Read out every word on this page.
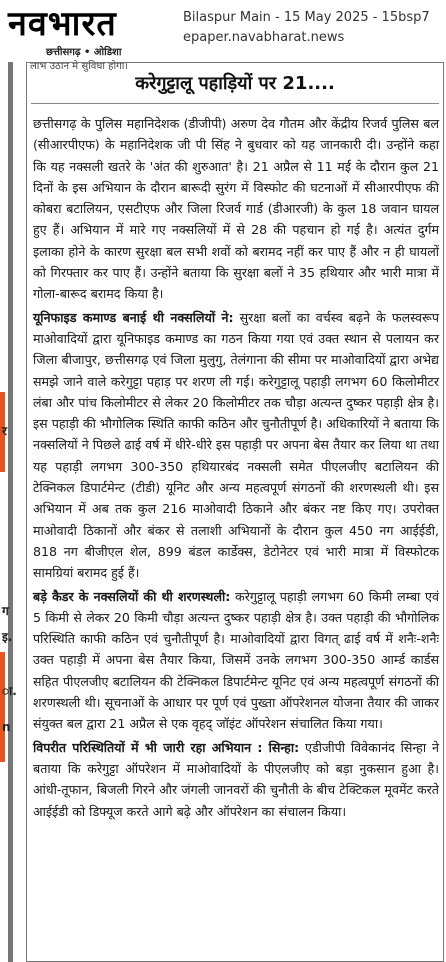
नवभारत
छत्तीसगढ़ • ओडिशा
Bilaspur Main - 15 May 2025 - 15bsp7
epaper.navabharat.news
र
ग
इ.
ा.
n
लाभ उठान मे सुविधा होगा।
करेगुट्टालू पहाड़ियों पर 21....

छत्तीसगढ़ के पुलिस महानिदेशक (डीजीपी) अरुण देव गौतम और केंद्रीय रिजर्व पुलिस बल (सीआरपीएफ) के महानिदेशक जी पी सिंह ने बुधवार को यह जानकारी दी। उन्होंने कहा कि यह नक्सली खतरे के 'अंत की शुरुआत' है। 21 अप्रैल से 11 मई के दौरान कुल 21 दिनों के इस अभियान के दौरान बारूदी सुरंग में विस्फोट की घटनाओं में सीआरपीएफ की कोबरा बटालियन, एसटीएफ और जिला रिजर्व गार्ड (डीआरजी) के कुल 18 जवान घायल हुए हैं। अभियान में मारे गए नक्सलियों में से 28 की पहचान हो गई है। अत्यंत दुर्गम इलाका होने के कारण सुरक्षा बल सभी शवों को बरामद नहीं कर पाए हैं और न ही घायलों को गिरफ्तार कर पाए हैं। उन्होंने बताया कि सुरक्षा बलों ने 35 हथियार और भारी मात्रा में गोला-बारूद बरामद किया है।

यूनिफाइड कमाण्ड बनाई थी नक्सलियों ने: सुरक्षा बलों का वर्चस्व बढ़ने के फलस्वरूप माओवादियों द्वारा यूनिफाइड कमाण्ड का गठन किया गया एवं उक्त स्थान से पलायन कर जिला बीजापुर, छत्तीसगढ़ एवं जिला मुलुगु, तेलंगाना की सीमा पर माओवादियों द्वारा अभेद्य समझे जाने वाले करेगुट्टा पहाड़ पर शरण ली गई। करेगुट्टालू पहाड़ी लगभग 60 किलोमीटर लंबा और पांच किलोमीटर से लेकर 20 किलोमीटर तक चौड़ा अत्यन्त दुष्कर पहाड़ी क्षेत्र है। इस पहाड़ी की भौगोलिक स्थिति काफी कठिन और चुनौतीपूर्ण है। अधिकारियों ने बताया कि नक्सलियों ने पिछले ढाई वर्ष में धीरे-धीरे इस पहाड़ी पर अपना बेस तैयार कर लिया था तथा यह पहाड़ी लगभग 300-350 हथियारबंद नक्सली समेत पीएलजीए बटालियन की टेक्निकल डिपार्टमेन्ट (टीडी) यूनिट और अन्य महत्वपूर्ण संगठनों की शरणस्थली थी। इस अभियान में अब तक कुल 216 माओवादी ठिकाने और बंकर नष्ट किए गए। उपरोक्त माओवादी ठिकानों और बंकर से तलाशी अभियानों के दौरान कुल 450 नग आईईडी, 818 नग बीजीएल शेल, 899 बंडल कार्डेक्स, डेटोनेटर एवं भारी मात्रा में विस्फोटक सामग्रियां बरामद हुई हैं।

बड़े कैडर के नक्सलियों की थी शरणस्थली: करेगुट्टालू पहाड़ी लगभग 60 किमी लम्बा एवं 5 किमी से लेकर 20 किमी चौड़ा अत्यन्त दुष्कर पहाड़ी क्षेत्र है। उक्त पहाड़ी की भौगोलिक परिस्थिति काफी कठिन एवं चुनौतीपूर्ण है। माओवादियों द्वारा विगत् ढाई वर्ष में शनैः-शनैः उक्त पहाड़ी में अपना बेस तैयार किया, जिसमें उनके लगभग 300-350 आर्म्ड कार्डस सहित पीएलजीए बटालियन की टेक्निकल डिपार्टमेन्ट यूनिट एवं अन्य महत्वपूर्ण संगठनों की शरणस्थली थी। सूचनाओं के आधार पर पूर्ण एवं पुख्ता ऑपरेशनल योजना तैयार की जाकर संयुक्त बल द्वारा 21 अप्रैल से एक वृहद् जॉइंट ऑपरेशन संचालित किया गया।

विपरीत परिस्थितियों में भी जारी रहा अभियान : सिन्हा: एडीजीपी विवेकानंद सिन्हा ने बताया कि करेगुट्टा ऑपरेशन में माओवादियों के पीएलजीए को बड़ा नुकसान हुआ है। आंधी-तूफान, बिजली गिरने और जंगली जानवरों की चुनौती के बीच टेक्टिकल मूवमेंट करते आईईडी को डिफ्यूज करते आगे बढ़े और ऑपरेशन का संचालन किया।
